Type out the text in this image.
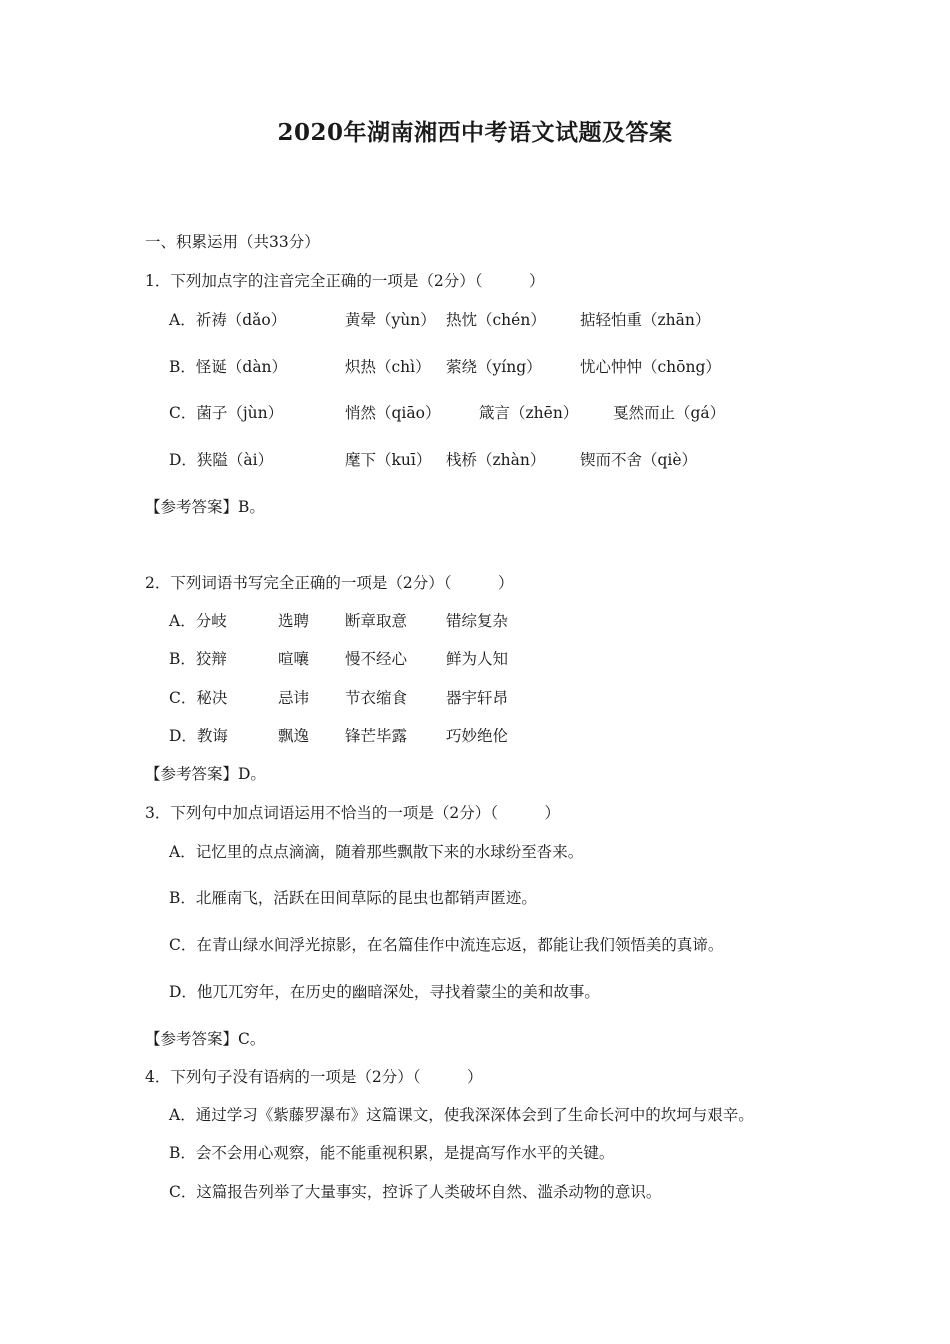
2020年湖南湘西中考语文试题及答案
一、积累运用（共33分）
1．下列加点字的注音完全正确的一项是（2分）（　　　）
A．祈祷（dǎo）	黄晕（yùn） 热忱（chén） 掂轻怕重（zhān）
B．怪诞（dàn）	炽热（chì） 萦绕（yíng） 忧心忡忡（chōng）
C．菌子（jùn）	悄然（qiāo） 箴言（zhēn） 戛然而止（gá）
D．狭隘（ài）	麾下（kuī） 栈桥（zhàn） 锲而不舍（qiè）
【参考答案】B。
2．下列词语书写完全正确的一项是（2分）（　　　）
A．分岐	选聘 断章取意	错综复杂
B．狡辩	喧嚷 慢不经心	鲜为人知
C．秘决	忌讳 节衣缩食	器宇轩昂
D．教诲	飘逸 锋芒毕露	巧妙绝伦
【参考答案】D。
3．下列句中加点词语运用不恰当的一项是（2分）（　　　）
A．记忆里的点点滴滴，随着那些飘散下来的水球纷至沓来。
B．北雁南飞，活跃在田间草际的昆虫也都销声匿迹。
C．在青山绿水间浮光掠影，在名篇佳作中流连忘返，都能让我们领悟美的真谛。
D．他兀兀穷年，在历史的幽暗深处，寻找着蒙尘的美和故事。
【参考答案】C。
4．下列句子没有语病的一项是（2分）（　　　）
A．通过学习《紫藤罗瀑布》这篇课文，使我深深体会到了生命长河中的坎坷与艰辛。
B．会不会用心观察，能不能重视积累，是提高写作水平的关键。
C．这篇报告列举了大量事实，控诉了人类破坏自然、滥杀动物的意识。
